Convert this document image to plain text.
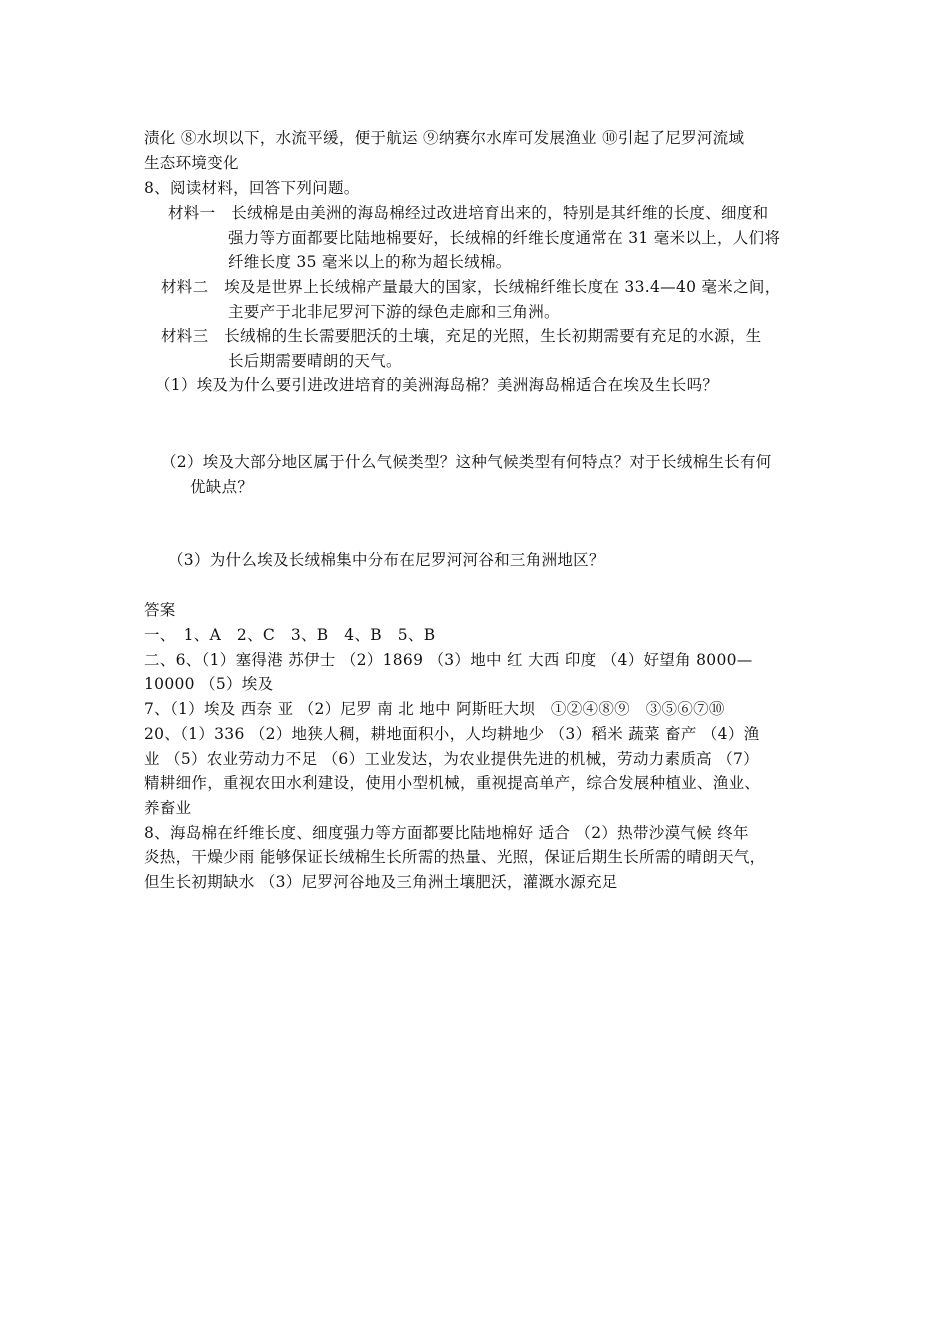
渍化 ⑧水坝以下，水流平缓，便于航运 ⑨纳赛尔水库可发展渔业 ⑩引起了尼罗河流域
生态环境变化
8、阅读材料，回答下列问题。
材料一　长绒棉是由美洲的海岛棉经过改进培育出来的，特别是其纤维的长度、细度和
强力等方面都要比陆地棉要好，长绒棉的纤维长度通常在 31 毫米以上，人们将
纤维长度 35 毫米以上的称为超长绒棉。
材料二　埃及是世界上长绒棉产量最大的国家，长绒棉纤维长度在 33.4—40 毫米之间，
主要产于北非尼罗河下游的绿色走廊和三角洲。
材料三　长绒棉的生长需要肥沃的土壤，充足的光照，生长初期需要有充足的水源，生
长后期需要晴朗的天气。
（1）埃及为什么要引进改进培育的美洲海岛棉？美洲海岛棉适合在埃及生长吗？
（2）埃及大部分地区属于什么气候类型？这种气候类型有何特点？对于长绒棉生长有何
优缺点？
（3）为什么埃及长绒棉集中分布在尼罗河河谷和三角洲地区？
答案
一、　1、A　2、C　3、B　4、B　5、B
二、6、（1）塞得港 苏伊士 （2）1869 （3）地中 红 大西 印度 （4）好望角 8000—
10000 （5）埃及
7、（1）埃及 西奈 亚 （2）尼罗 南 北 地中 阿斯旺大坝　①②④⑧⑨　③⑤⑥⑦⑩
20、（1）336 （2）地狭人稠，耕地面积小，人均耕地少 （3）稻米 蔬菜 畜产 （4）渔
业 （5）农业劳动力不足 （6）工业发达，为农业提供先进的机械，劳动力素质高 （7）
精耕细作，重视农田水利建设，使用小型机械，重视提高单产，综合发展种植业、渔业、
养畜业
8、海岛棉在纤维长度、细度强力等方面都要比陆地棉好 适合 （2）热带沙漠气候 终年
炎热，干燥少雨 能够保证长绒棉生长所需的热量、光照，保证后期生长所需的晴朗天气，
但生长初期缺水 （3）尼罗河谷地及三角洲土壤肥沃，灌溉水源充足
